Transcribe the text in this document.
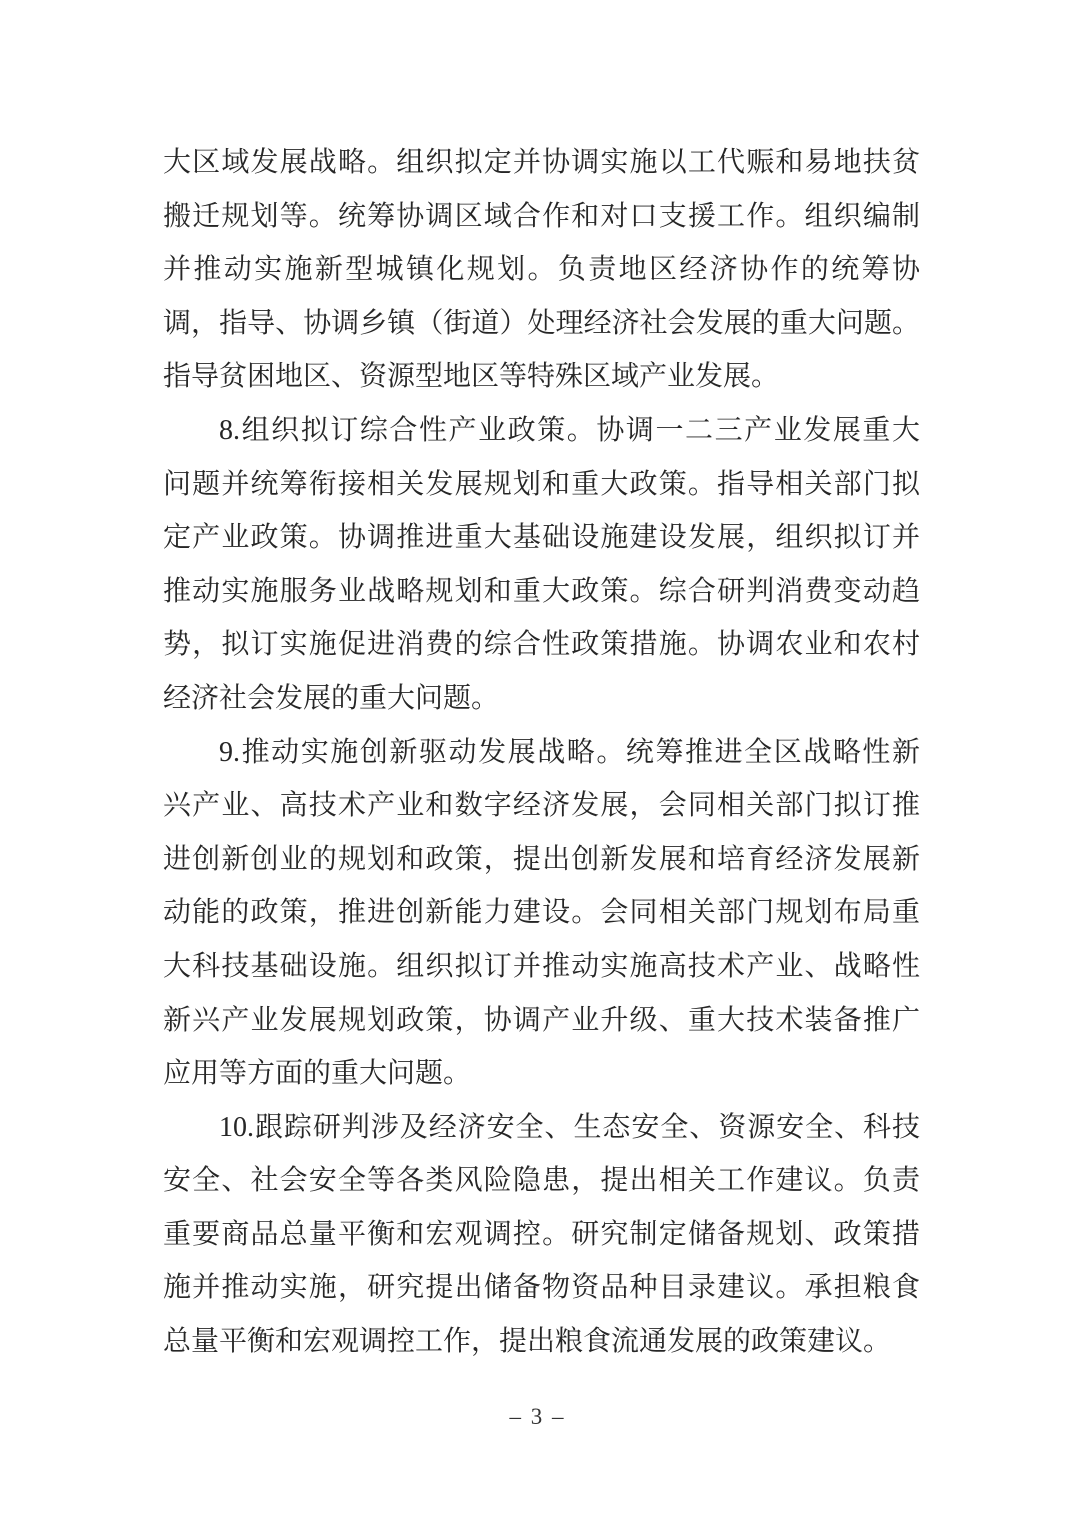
大区域发展战略。组织拟定并协调实施以工代赈和易地扶贫
搬迁规划等。统筹协调区域合作和对口支援工作。组织编制
并推动实施新型城镇化规划。负责地区经济协作的统筹协
调，指导、协调乡镇（街道）处理经济社会发展的重大问题。
指导贫困地区、资源型地区等特殊区域产业发展。
8.组织拟订综合性产业政策。协调一二三产业发展重大
问题并统筹衔接相关发展规划和重大政策。指导相关部门拟
定产业政策。协调推进重大基础设施建设发展，组织拟订并
推动实施服务业战略规划和重大政策。综合研判消费变动趋
势，拟订实施促进消费的综合性政策措施。协调农业和农村
经济社会发展的重大问题。
9.推动实施创新驱动发展战略。统筹推进全区战略性新
兴产业、高技术产业和数字经济发展，会同相关部门拟订推
进创新创业的规划和政策，提出创新发展和培育经济发展新
动能的政策，推进创新能力建设。会同相关部门规划布局重
大科技基础设施。组织拟订并推动实施高技术产业、战略性
新兴产业发展规划政策，协调产业升级、重大技术装备推广
应用等方面的重大问题。
10.跟踪研判涉及经济安全、生态安全、资源安全、科技
安全、社会安全等各类风险隐患，提出相关工作建议。负责
重要商品总量平衡和宏观调控。研究制定储备规划、政策措
施并推动实施，研究提出储备物资品种目录建议。承担粮食
总量平衡和宏观调控工作，提出粮食流通发展的政策建议。
– 3 –
